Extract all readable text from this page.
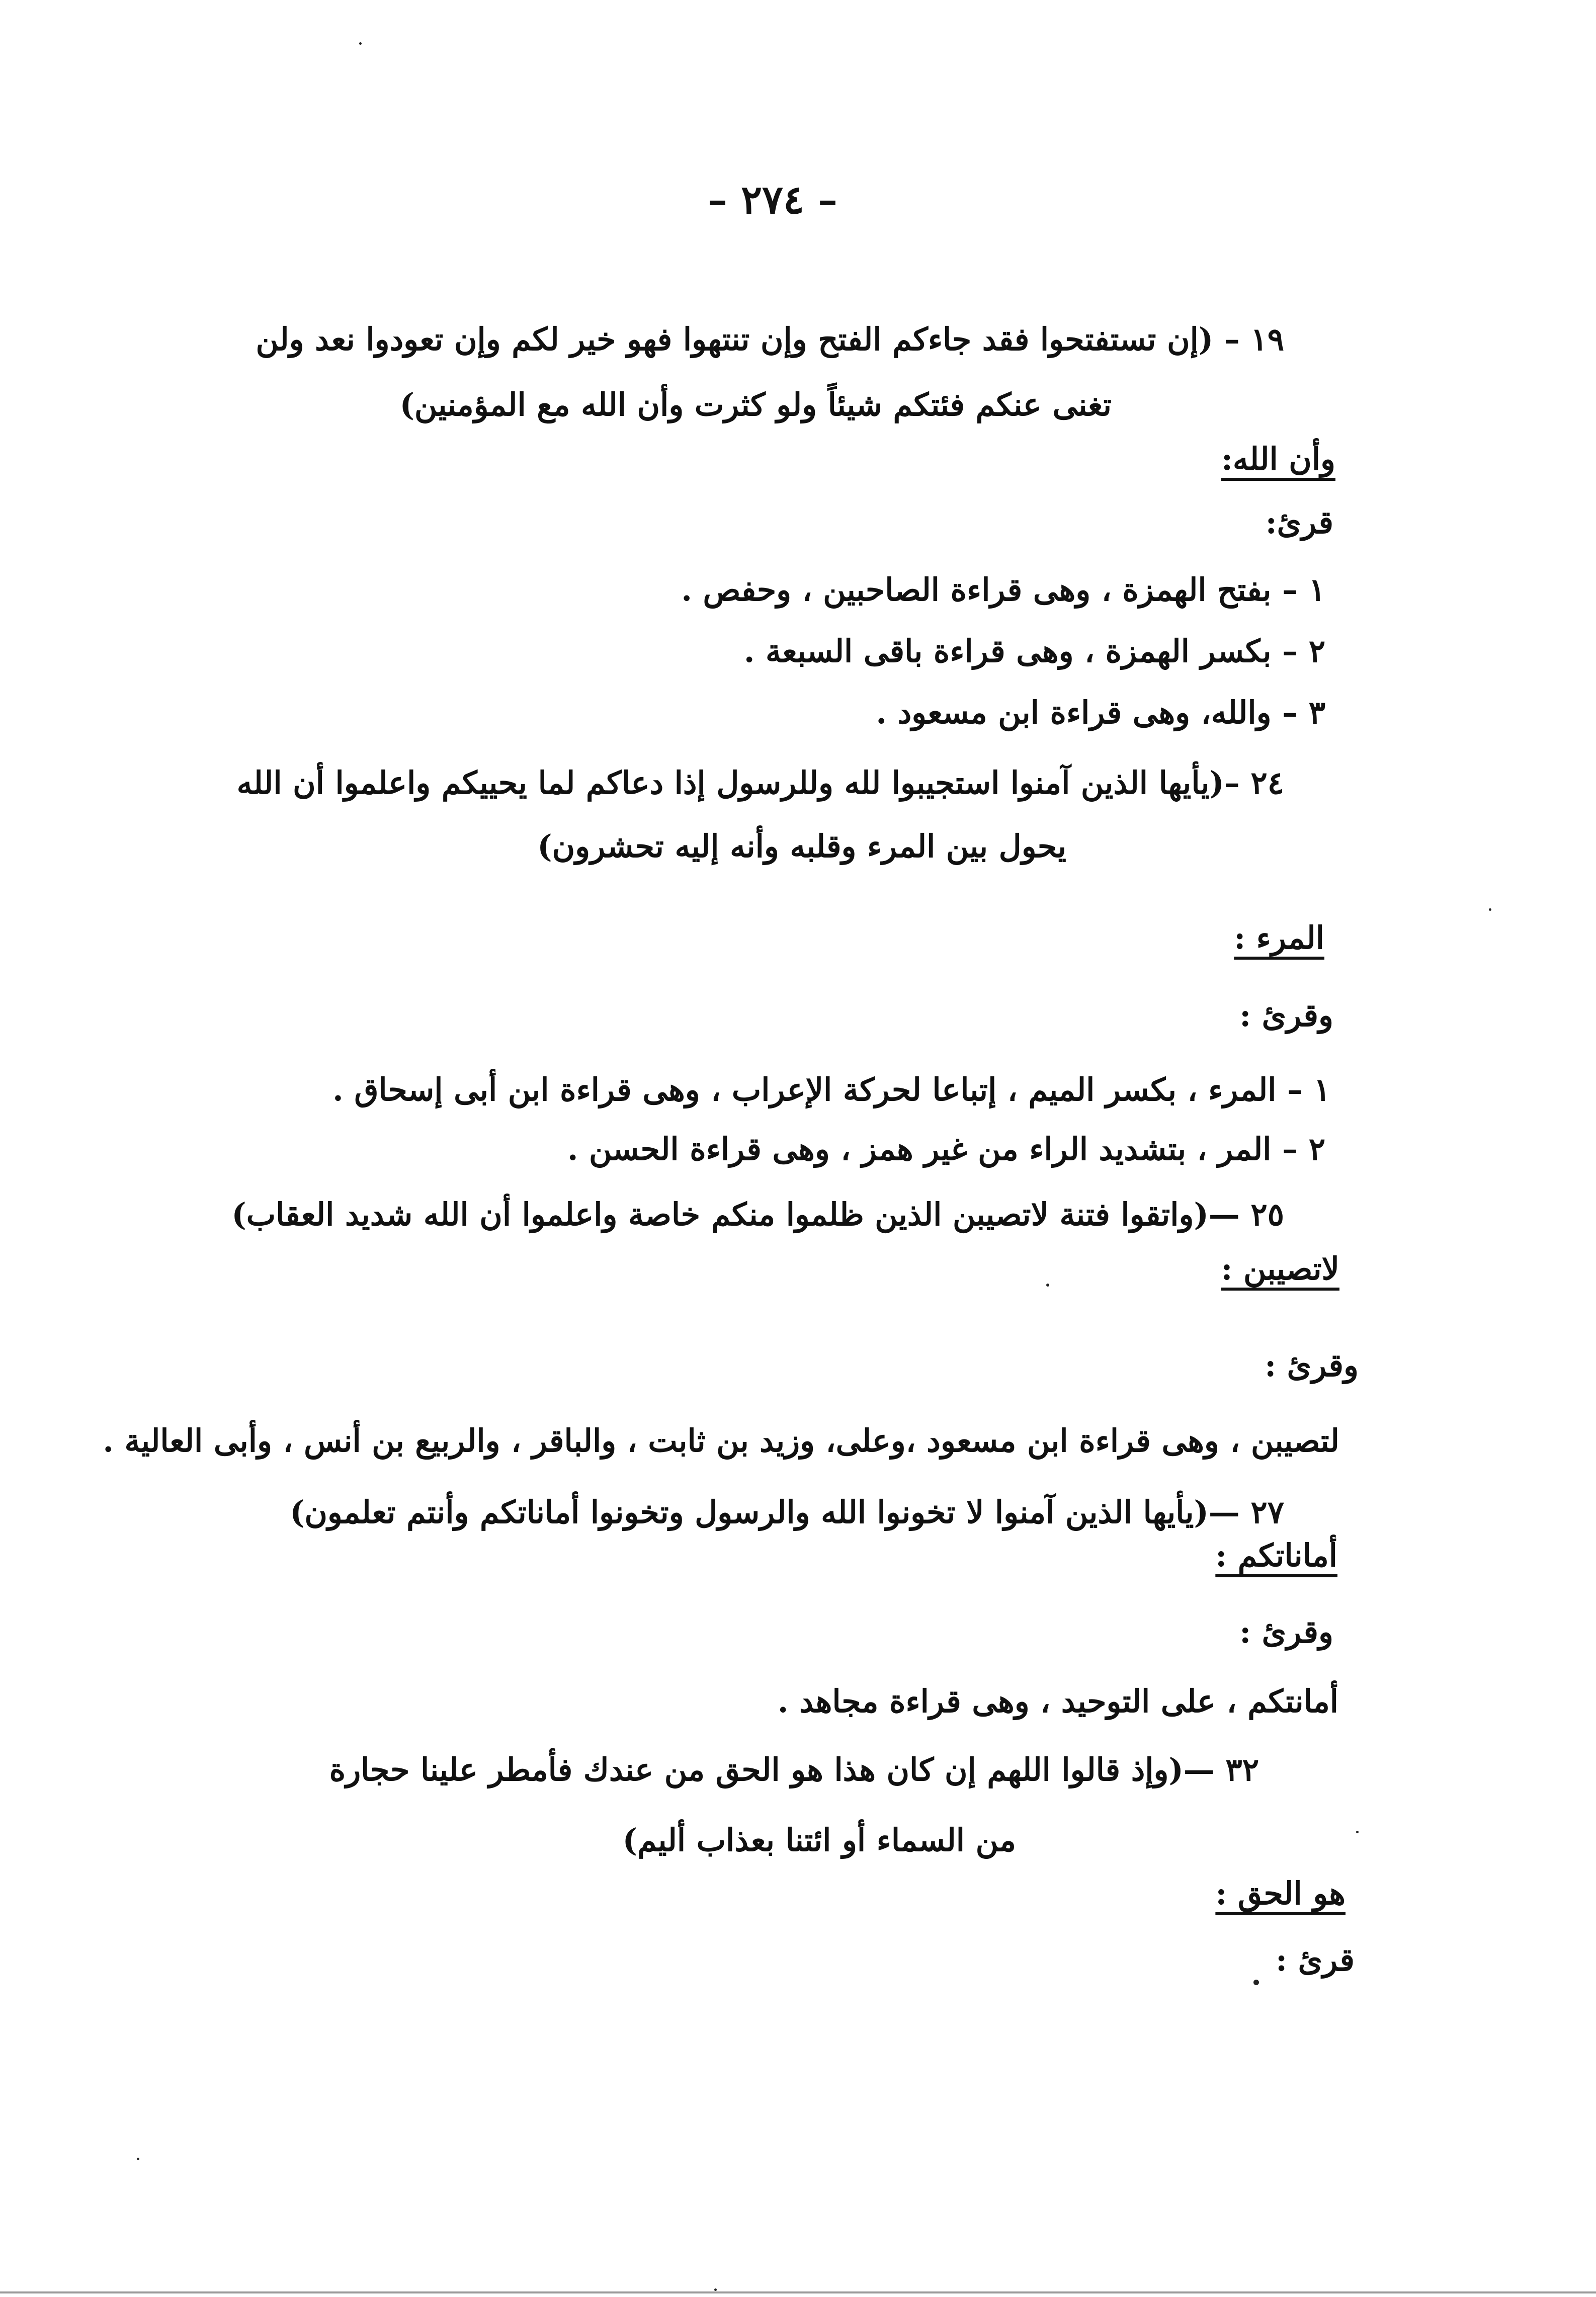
– ٢٧٤ –
١٩ – (إن تستفتحوا فقد جاءكم الفتح وإن تنتهوا فهو خير لكم وإن تعودوا نعد ولن
تغنى عنكم فئتكم شيئاً ولو كثرت وأن الله مع المؤمنين)
وأن الله:
قرئ:
١ – بفتح الهمزة ، وهى قراءة الصاحبين ، وحفص .
٢ – بكسر الهمزة ، وهى قراءة باقى السبعة .
٣ – والله، وهى قراءة ابن مسعود .
٢٤ –(يأيها الذين آمنوا استجيبوا لله وللرسول إذا دعاكم لما يحييكم واعلموا أن الله
يحول بين المرء وقلبه وأنه إليه تحشرون)
المرء :
وقرئ :
١ – المرء ، بكسر الميم ، إتباعا لحركة الإعراب ، وهى قراءة ابن أبى إسحاق .
٢ – المر ، بتشديد الراء من غير همز ، وهى قراءة الحسن .
٢٥ —(واتقوا فتنة لاتصيبن الذين ظلموا منكم خاصة واعلموا أن الله شديد العقاب)
لاتصيبن :
وقرئ :
لتصيبن ، وهى قراءة ابن مسعود ،وعلى، وزيد بن ثابت ، والباقر ، والربيع بن أنس ، وأبى العالية .
٢٧ —(يأيها الذين آمنوا لا تخونوا الله والرسول وتخونوا أماناتكم وأنتم تعلمون)
أماناتكم :
وقرئ :
أمانتكم ، على التوحيد ، وهى قراءة مجاهد .
٣٢ —(وإذ قالوا اللهم إن كان هذا هو الحق من عندك فأمطر علينا حجارة
من السماء أو ائتنا بعذاب أليم)
هو الحق :
قرئ :
